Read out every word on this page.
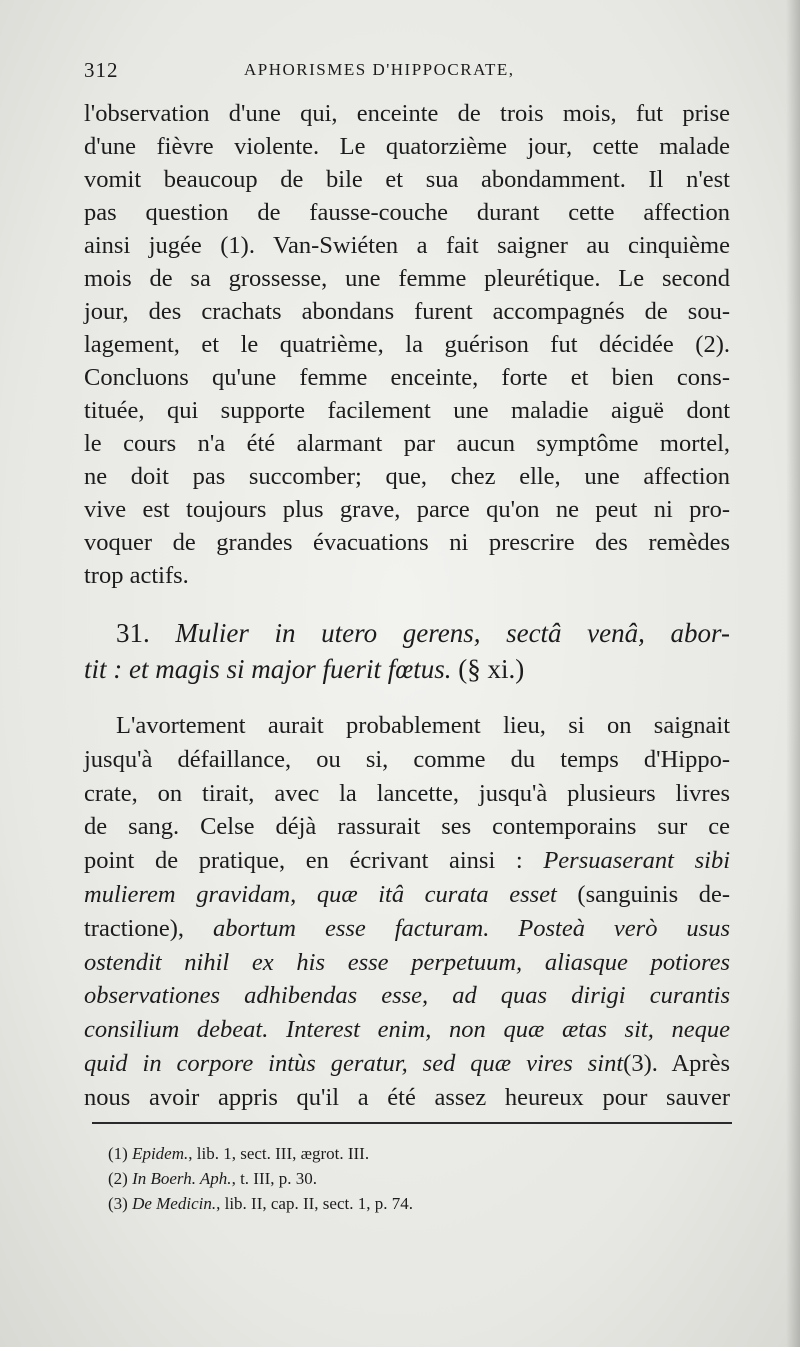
312	APHORISMES D'HIPPOCRATE,
l'observation d'une qui, enceinte de trois mois, fut prise
d'une fièvre violente. Le quatorzième jour, cette malade
vomit beaucoup de bile et sua abondamment. Il n'est
pas question de fausse-couche durant cette affection
ainsi jugée (1). Van-Swiéten a fait saigner au cinquième
mois de sa grossesse, une femme pleurétique. Le second
jour, des crachats abondans furent accompagnés de sou-
lagement, et le quatrième, la guérison fut décidée (2).
Concluons qu'une femme enceinte, forte et bien cons-
tituée, qui supporte facilement une maladie aiguë dont
le cours n'a été alarmant par aucun symptôme mortel,
ne doit pas succomber; que, chez elle, une affection
vive est toujours plus grave, parce qu'on ne peut ni pro-
voquer de grandes évacuations ni prescrire des remèdes
trop actifs.
31. Mulier in utero gerens, sectâ venâ, abor-
tit : et magis si major fuerit fœtus. (§ xi.)
L'avortement aurait probablement lieu, si on saignait
jusqu'à défaillance, ou si, comme du temps d'Hippo-
crate, on tirait, avec la lancette, jusqu'à plusieurs livres
de sang. Celse déjà rassurait ses contemporains sur ce
point de pratique, en écrivant ainsi : Persuaserant sibi
mulierem gravidam, quæ itâ curata esset (sanguinis de-
tractione), abortum esse facturam. Posteà verò usus
ostendit nihil ex his esse perpetuum, aliasque potiores
observationes adhibendas esse, ad quas dirigi curantis
consilium debeat. Interest enim, non quæ ætas sit, neque
quid in corpore intùs geratur, sed quæ vires sint(3). Après
nous avoir appris qu'il a été assez heureux pour sauver
(1) Epidem., lib. 1, sect. III, ægrot. III.
(2) In Boerh. Aph., t. III, p. 30.
(3) De Medicin., lib. II, cap. II, sect. 1, p. 74.
